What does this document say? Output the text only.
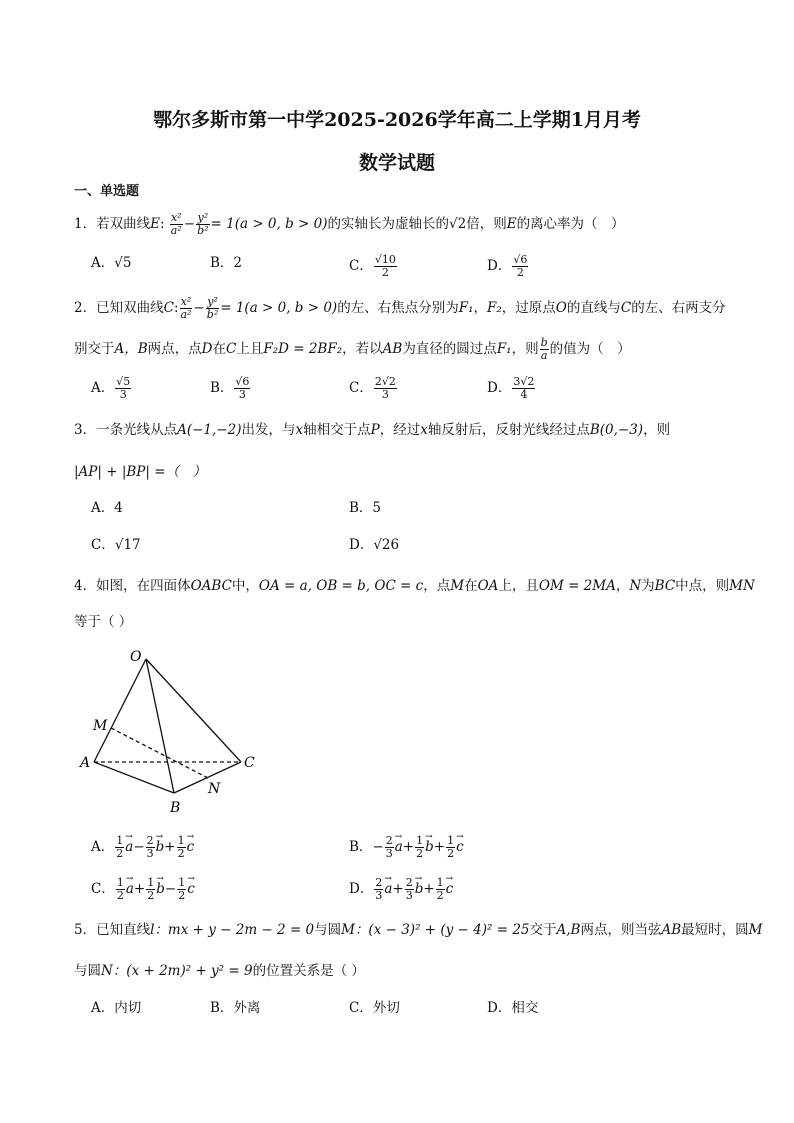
鄂尔多斯市第一中学2025-2026学年高二上学期1月月考
数学试题
一、单选题
1．若双曲线E: $\frac{\text{x²}}{\text{a²}} - \frac{\text{y²}}{\text{b²}} = 1(a > 0$, b > 0)的实轴长为虚轴长的√2倍，则E的离心率为（　）
A．√5	B．2	C． $\frac{√10}{2}$	D． $\frac{√6}{2}$
2．已知双曲线C: $\frac{\text{x²}}{\text{a²}} - \frac{\text{y²}}{\text{b²}} = 1(a > 0$, b > 0)的左、右焦点分别为F₁，F₂，过原点O的直线与C的左、右两支分
别交于A，B两点，点D在C上且F₂D = 2BF₂，若以AB为直径的圆过点F₁，则 $\frac{b}{a}$ 的值为（　）
A． $\frac{√5}{3}$	B． $\frac{√6}{3}$	C． $\frac{2√2}{3}$	D． $\frac{3√2}{4}$
3．一条光线从点A(−1,−2)出发，与x轴相交于点P，经过x轴反射后，反射光线经过点B(0,−3)，则
|AP| + |BP| =（　）
A．4	B．5
C．√17	D．√26
4．如图，在四面体OABC中，OA = a, OB = b, OC = c，点M在OA上，且OM = 2MA，N为BC中点，则MN
等于（ ）
O
M
A	C
B
N
A． $\frac{1}{2}$
→ $a- \frac{2}{3}$
→ $b+ \frac{1}{2}$
→ c	B．− $\frac{2}{3}$
→ $a+ \frac{1}{2}$
→ $b+ \frac{1}{2}$
→ c
C． $\frac{1}{2}$
→ $a+ \frac{1}{2}$
→ $b- \frac{1}{2}$
→ c	D． $\frac{2}{3}$
→ $a+ \frac{2}{3}$
→ $b+ \frac{1}{2}$
→ c
5．已知直线l：mx + y − 2m − 2 = 0与圆M：(x − 3)² + (y − 4)² = 25交于A,B两点，则当弦AB最短时，圆M
与圆N：(x + 2m)² + y² = 9的位置关系是（ ）
A．内切	B．外离	C．外切	D．相交
